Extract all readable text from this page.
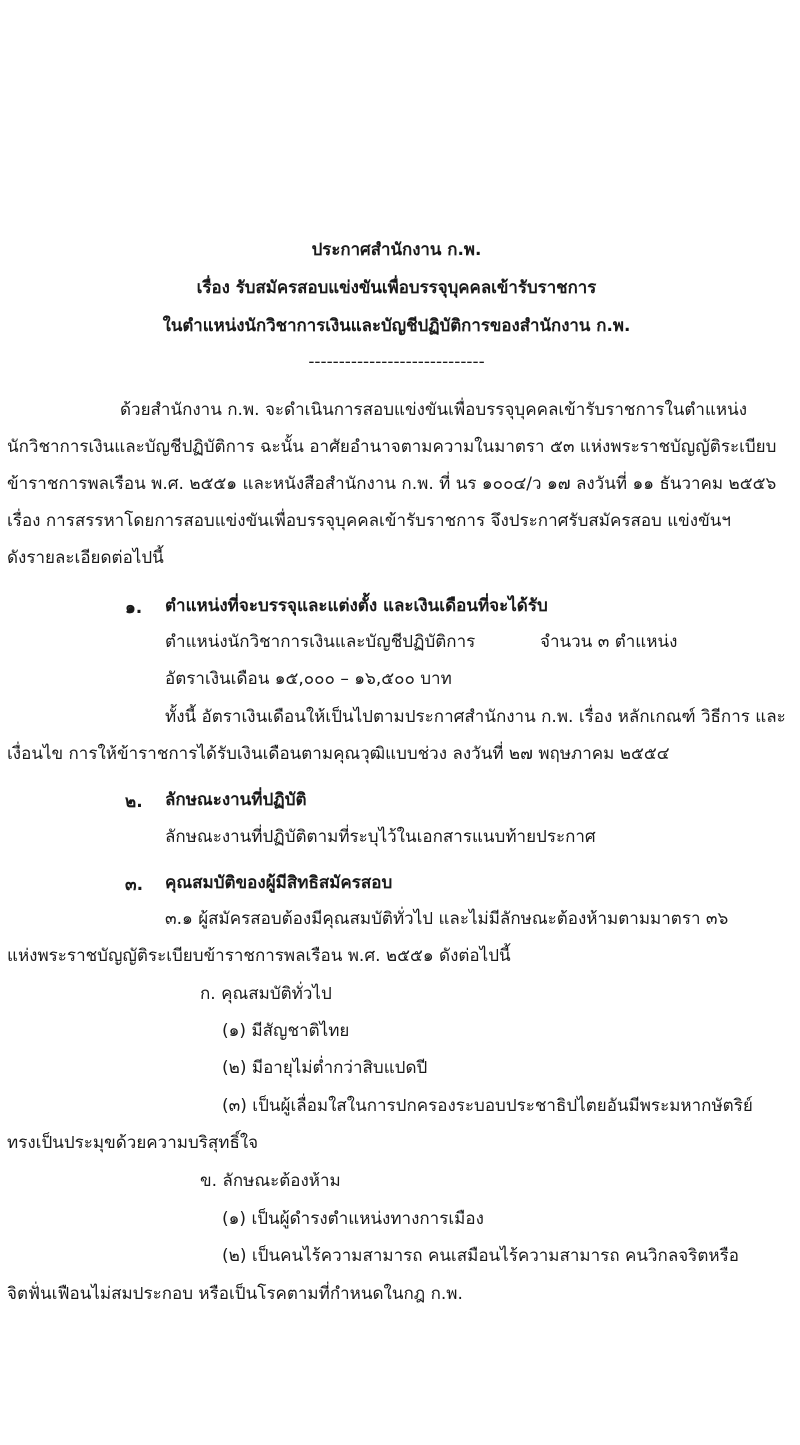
ประกาศสำนักงาน ก.พ.
เรื่อง รับสมัครสอบแข่งขันเพื่อบรรจุบุคคลเข้ารับราชการ
ในตำแหน่งนักวิชาการเงินและบัญชีปฏิบัติการของสำนักงาน ก.พ.
-----------------------------
ด้วยสำนักงาน ก.พ. จะดำเนินการสอบแข่งขันเพื่อบรรจุบุคคลเข้ารับราชการในตำแหน่ง
นักวิชาการเงินและบัญชีปฏิบัติการ ฉะนั้น อาศัยอำนาจตามความในมาตรา ๕๓ แห่งพระราชบัญญัติระเบียบ
ข้าราชการพลเรือน พ.ศ. ๒๕๕๑ และหนังสือสำนักงาน ก.พ. ที่ นร ๑๐๐๔/ว ๑๗ ลงวันที่ ๑๑ ธันวาคม ๒๕๕๖
เรื่อง การสรรหาโดยการสอบแข่งขันเพื่อบรรจุบุคคลเข้ารับราชการ จึงประกาศรับสมัครสอบ แข่งขันฯ
ดังรายละเอียดต่อไปนี้
๑. ตำแหน่งที่จะบรรจุและแต่งตั้ง และเงินเดือนที่จะได้รับ
ตำแหน่งนักวิชาการเงินและบัญชีปฏิบัติการ	จำนวน ๓ ตำแหน่ง
อัตราเงินเดือน ๑๕,๐๐๐ – ๑๖,๕๐๐ บาท
ทั้งนี้ อัตราเงินเดือนให้เป็นไปตามประกาศสำนักงาน ก.พ. เรื่อง หลักเกณฑ์ วิธีการ และ
เงื่อนไข การให้ข้าราชการได้รับเงินเดือนตามคุณวุฒิแบบช่วง ลงวันที่ ๒๗ พฤษภาคม ๒๕๕๔
๒. ลักษณะงานที่ปฏิบัติ
ลักษณะงานที่ปฏิบัติตามที่ระบุไว้ในเอกสารแนบท้ายประกาศ
๓. คุณสมบัติของผู้มีสิทธิสมัครสอบ
๓.๑ ผู้สมัครสอบต้องมีคุณสมบัติทั่วไป และไม่มีลักษณะต้องห้ามตามมาตรา ๓๖
แห่งพระราชบัญญัติระเบียบข้าราชการพลเรือน พ.ศ. ๒๕๕๑ ดังต่อไปนี้
ก. คุณสมบัติทั่วไป
(๑) มีสัญชาติไทย
(๒) มีอายุไม่ต่ำกว่าสิบแปดปี
(๓) เป็นผู้เลื่อมใสในการปกครองระบอบประชาธิปไตยอันมีพระมหากษัตริย์
ทรงเป็นประมุขด้วยความบริสุทธิ์ใจ
ข. ลักษณะต้องห้าม
(๑) เป็นผู้ดำรงตำแหน่งทางการเมือง
(๒) เป็นคนไร้ความสามารถ คนเสมือนไร้ความสามารถ คนวิกลจริตหรือ
จิตฟั่นเฟือนไม่สมประกอบ หรือเป็นโรคตามที่กำหนดในกฎ ก.พ.
